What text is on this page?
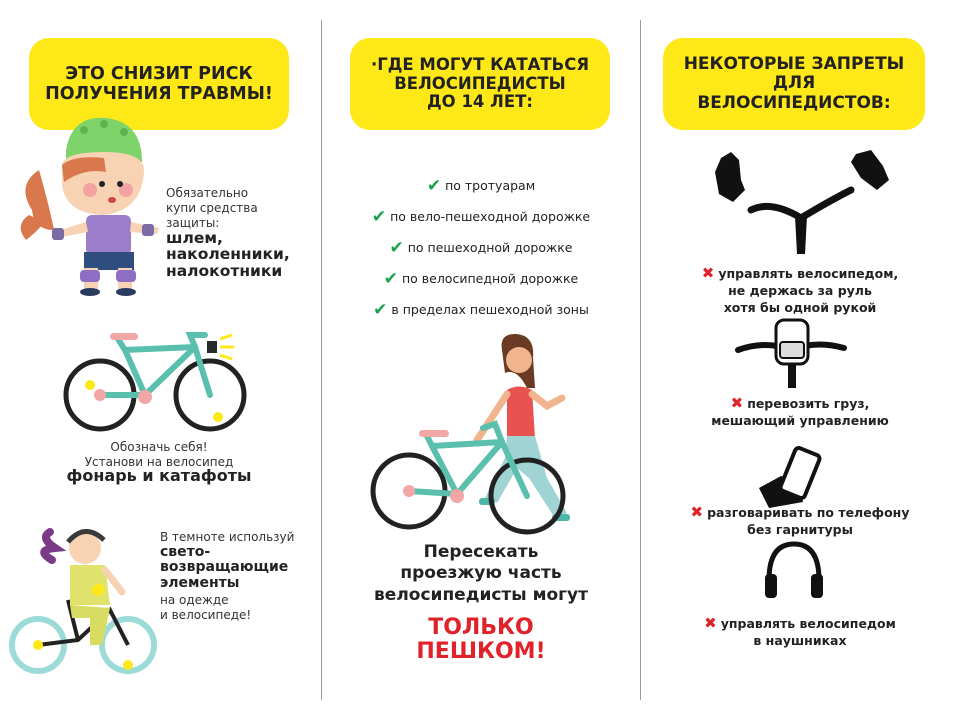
ЭТО СНИЗИТ РИСК
ПОЛУЧЕНИЯ ТРАВМЫ!
Обязательно
купи средства
защиты:
шлем,
наколенники,
налокотники
Обозначь себя!
Установи на велосипед
фонарь и катафоты
В темноте используй
свето-
возвращающие
элементы
на одежде
и велосипеде!
·ГДЕ МОГУТ КАТАТЬСЯ
ВЕЛОСИПЕДИСТЫ
ДО 14 ЛЕТ:
✔ по тротуарам
✔ по вело-пешеходной дорожке
✔ по пешеходной дорожке
✔ по велосипедной дорожке
✔ в пределах пешеходной зоны
Пересекать
проезжую часть
велосипедисты могут
ТОЛЬКО
ПЕШКОМ!
НЕКОТОРЫЕ ЗАПРЕТЫ
ДЛЯ
ВЕЛОСИПЕДИСТОВ:
✖ управлять велосипедом,
не держась за руль
хотя бы одной рукой
✖ перевозить груз,
мешающий управлению
✖ разговаривать по телефону
без гарнитуры
✖ управлять велосипедом
в наушниках
